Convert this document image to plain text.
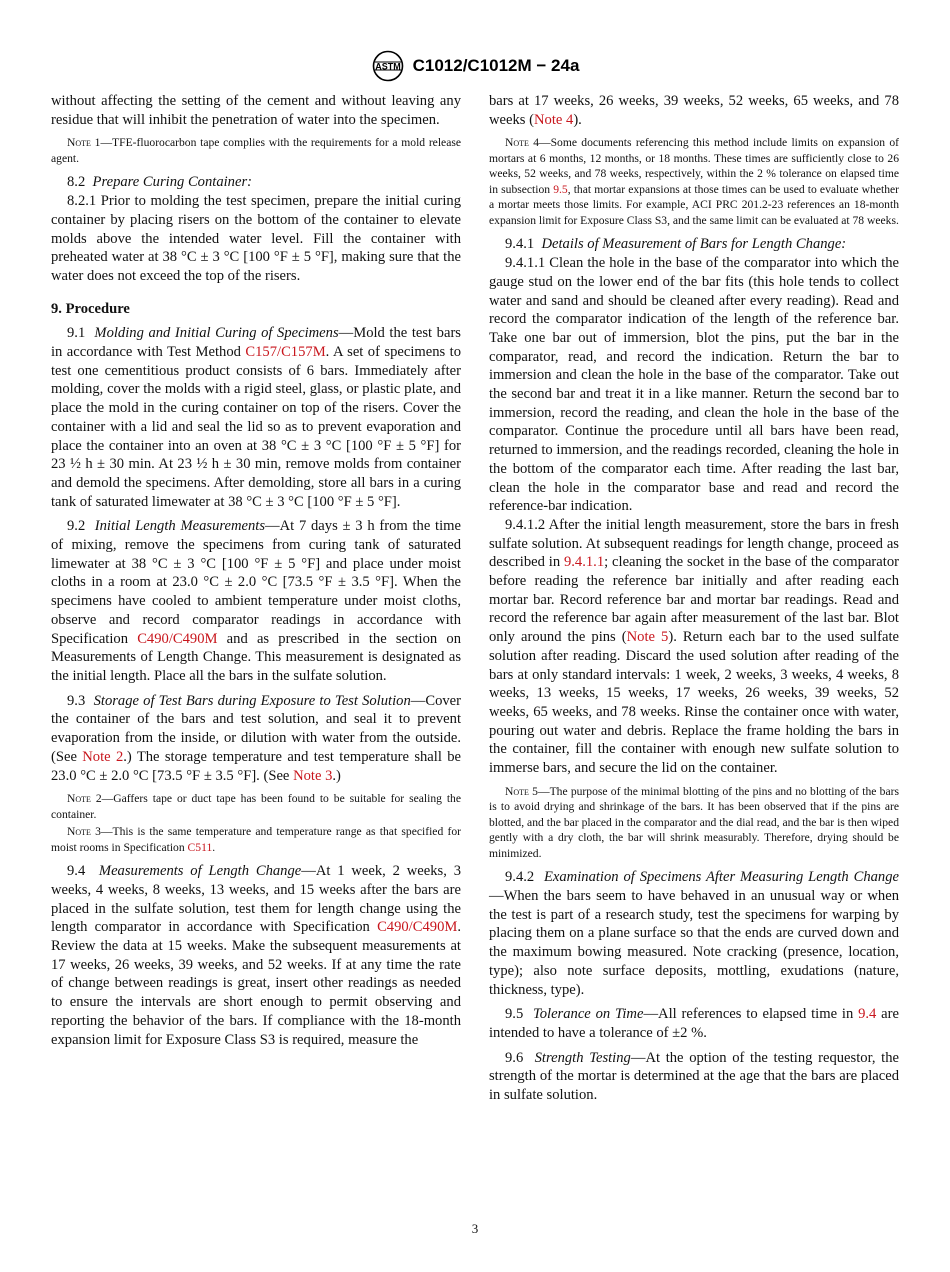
ASTM C1012/C1012M − 24a

without affecting the setting of the cement and without leaving any residue that will inhibit the penetration of water into the specimen.

Note 1—TFE-fluorocarbon tape complies with the requirements for a mold release agent.

8.2 Prepare Curing Container:

8.2.1 Prior to molding the test specimen, prepare the initial curing container by placing risers on the bottom of the container to elevate molds above the intended water level. Fill the container with preheated water at 38 °C ± 3 °C [100 °F ± 5 °F], making sure that the water does not exceed the top of the risers.

9. Procedure

9.1 Molding and Initial Curing of Specimens—Mold the test bars in accordance with Test Method C157/C157M. A set of specimens to test one cementitious product consists of 6 bars. Immediately after molding, cover the molds with a rigid steel, glass, or plastic plate, and place the mold in the curing container on top of the risers. Cover the container with a lid and seal the lid so as to prevent evaporation and place the container into an oven at 38 °C ± 3 °C [100 °F ± 5 °F] for 23 ½ h ± 30 min. At 23 ½ h ± 30 min, remove molds from container and demold the specimens. After demolding, store all bars in a curing tank of saturated limewater at 38 °C ± 3 °C [100 °F ± 5 °F].

9.2 Initial Length Measurements—At 7 days ± 3 h from the time of mixing, remove the specimens from curing tank of saturated limewater at 38 °C ± 3 °C [100 °F ± 5 °F] and place under moist cloths in a room at 23.0 °C ± 2.0 °C [73.5 °F ± 3.5 °F]. When the specimens have cooled to ambient temperature under moist cloths, observe and record comparator readings in accordance with Specification C490/C490M and as prescribed in the section on Measurements of Length Change. This measurement is designated as the initial length. Place all the bars in the sulfate solution.

9.3 Storage of Test Bars during Exposure to Test Solution—Cover the container of the bars and test solution, and seal it to prevent evaporation from the inside, or dilution with water from the outside. (See Note 2.) The storage temperature and test temperature shall be 23.0 °C ± 2.0 °C [73.5 °F ± 3.5 °F]. (See Note 3.)

Note 2—Gaffers tape or duct tape has been found to be suitable for sealing the container.

Note 3—This is the same temperature and temperature range as that specified for moist rooms in Specification C511.

9.4 Measurements of Length Change—At 1 week, 2 weeks, 3 weeks, 4 weeks, 8 weeks, 13 weeks, and 15 weeks after the bars are placed in the sulfate solution, test them for length change using the length comparator in accordance with Specification C490/C490M. Review the data at 15 weeks. Make the subsequent measurements at 17 weeks, 26 weeks, 39 weeks, and 52 weeks. If at any time the rate of change between readings is great, insert other readings as needed to ensure the intervals are short enough to permit observing and reporting the behavior of the bars. If compliance with the 18-month expansion limit for Exposure Class S3 is required, measure the

bars at 17 weeks, 26 weeks, 39 weeks, 52 weeks, 65 weeks, and 78 weeks (Note 4).

Note 4—Some documents referencing this method include limits on expansion of mortars at 6 months, 12 months, or 18 months. These times are sufficiently close to 26 weeks, 52 weeks, and 78 weeks, respectively, within the 2 % tolerance on elapsed time in subsection 9.5, that mortar expansions at those times can be used to evaluate whether a mortar meets those limits. For example, ACI PRC 201.2-23 references an 18-month expansion limit for Exposure Class S3, and the same limit can be evaluated at 78 weeks.

9.4.1 Details of Measurement of Bars for Length Change:

9.4.1.1 Clean the hole in the base of the comparator into which the gauge stud on the lower end of the bar fits (this hole tends to collect water and sand and should be cleaned after every reading). Read and record the comparator indication of the length of the reference bar. Take one bar out of immersion, blot the pins, put the bar in the comparator, read, and record the indication. Return the bar to immersion and clean the hole in the base of the comparator. Take out the second bar and treat it in a like manner. Return the second bar to immersion, record the reading, and clean the hole in the base of the comparator. Continue the procedure until all bars have been read, returned to immersion, and the readings recorded, cleaning the hole in the bottom of the comparator each time. After reading the last bar, clean the hole in the comparator base and read and record the reference-bar indication.

9.4.1.2 After the initial length measurement, store the bars in fresh sulfate solution. At subsequent readings for length change, proceed as described in 9.4.1.1; cleaning the socket in the base of the comparator before reading the reference bar initially and after reading each mortar bar. Record reference bar and mortar bar readings. Read and record the reference bar again after measurement of the last bar. Blot only around the pins (Note 5). Return each bar to the used sulfate solution after reading. Discard the used solution after reading of the bars at only standard intervals: 1 week, 2 weeks, 3 weeks, 4 weeks, 8 weeks, 13 weeks, 15 weeks, 17 weeks, 26 weeks, 39 weeks, 52 weeks, 65 weeks, and 78 weeks. Rinse the container once with water, pouring out water and debris. Replace the frame holding the bars in the container, fill the container with enough new sulfate solution to immerse bars, and secure the lid on the container.

Note 5—The purpose of the minimal blotting of the pins and no blotting of the bars is to avoid drying and shrinkage of the bars. It has been observed that if the pins are blotted, and the bar placed in the comparator and the dial read, and the bar is then wiped gently with a dry cloth, the bar will shrink measurably. Therefore, drying should be minimized.

9.4.2 Examination of Specimens After Measuring Length Change—When the bars seem to have behaved in an unusual way or when the test is part of a research study, test the specimens for warping by placing them on a plane surface so that the ends are curved down and the maximum bowing measured. Note cracking (presence, location, type); also note surface deposits, mottling, exudations (nature, thickness, type).

9.5 Tolerance on Time—All references to elapsed time in 9.4 are intended to have a tolerance of ±2 %.

9.6 Strength Testing—At the option of the testing requestor, the strength of the mortar is determined at the age that the bars are placed in sulfate solution.

3
